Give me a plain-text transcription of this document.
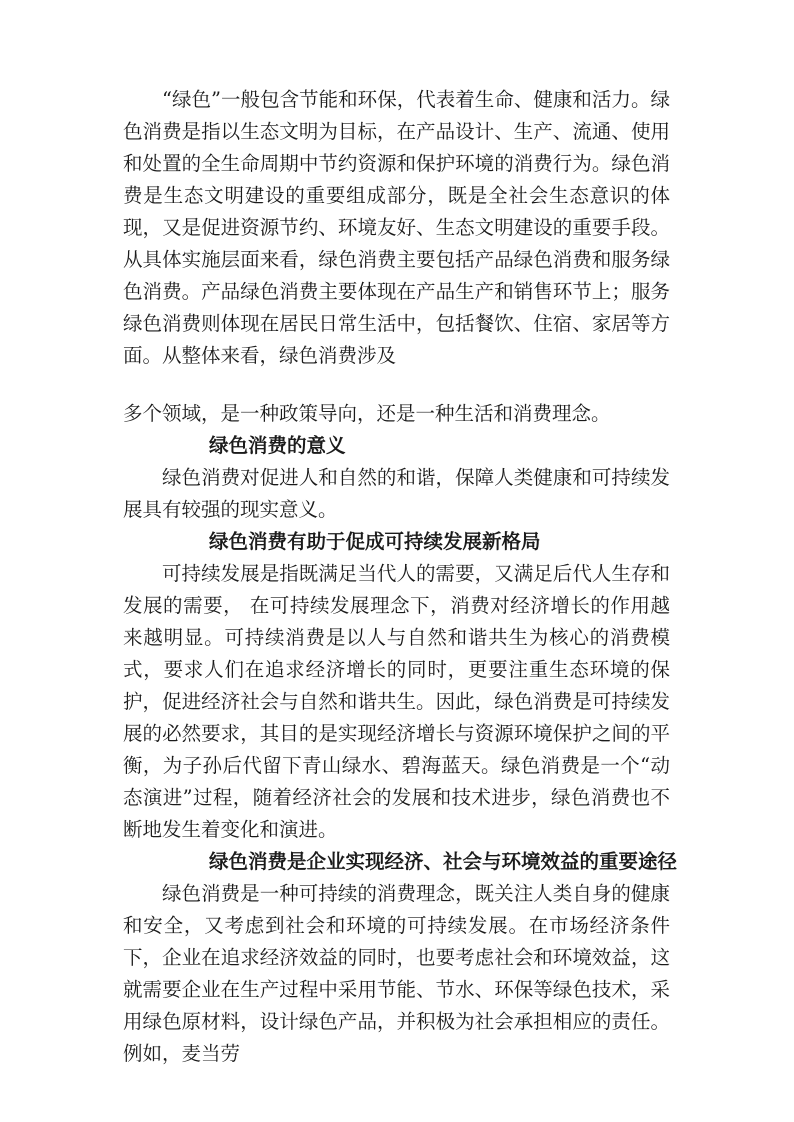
“绿色”一般包含节能和环保，代表着生命、健康和活力。绿色消费是指以生态文明为目标，在产品设计、生产、流通、使用和处置的全生命周期中节约资源和保护环境的消费行为。绿色消费是生态文明建设的重要组成部分，既是全社会生态意识的体现，又是促进资源节约、环境友好、生态文明建设的重要手段。从具体实施层面来看，绿色消费主要包括产品绿色消费和服务绿色消费。产品绿色消费主要体现在产品生产和销售环节上；服务绿色消费则体现在居民日常生活中，包括餐饮、住宿、家居等方面。从整体来看，绿色消费涉及

多个领域，是一种政策导向，还是一种生活和消费理念。

绿色消费的意义

绿色消费对促进人和自然的和谐，保障人类健康和可持续发展具有较强的现实意义。

绿色消费有助于促成可持续发展新格局

可持续发展是指既满足当代人的需要，又满足后代人生存和发展的需要， 在可持续发展理念下，消费对经济增长的作用越来越明显。可持续消费是以人与自然和谐共生为核心的消费模式，要求人们在追求经济增长的同时，更要注重生态环境的保护，促进经济社会与自然和谐共生。因此，绿色消费是可持续发展的必然要求，其目的是实现经济增长与资源环境保护之间的平衡，为子孙后代留下青山绿水、碧海蓝天。绿色消费是一个“动态演进”过程，随着经济社会的发展和技术进步，绿色消费也不断地发生着变化和演进。

绿色消费是企业实现经济、社会与环境效益的重要途径

绿色消费是一种可持续的消费理念，既关注人类自身的健康和安全，又考虑到社会和环境的可持续发展。在市场经济条件下，企业在追求经济效益的同时，也要考虑社会和环境效益，这就需要企业在生产过程中采用节能、节水、环保等绿色技术，采用绿色原材料，设计绿色产品，并积极为社会承担相应的责任。例如，麦当劳
